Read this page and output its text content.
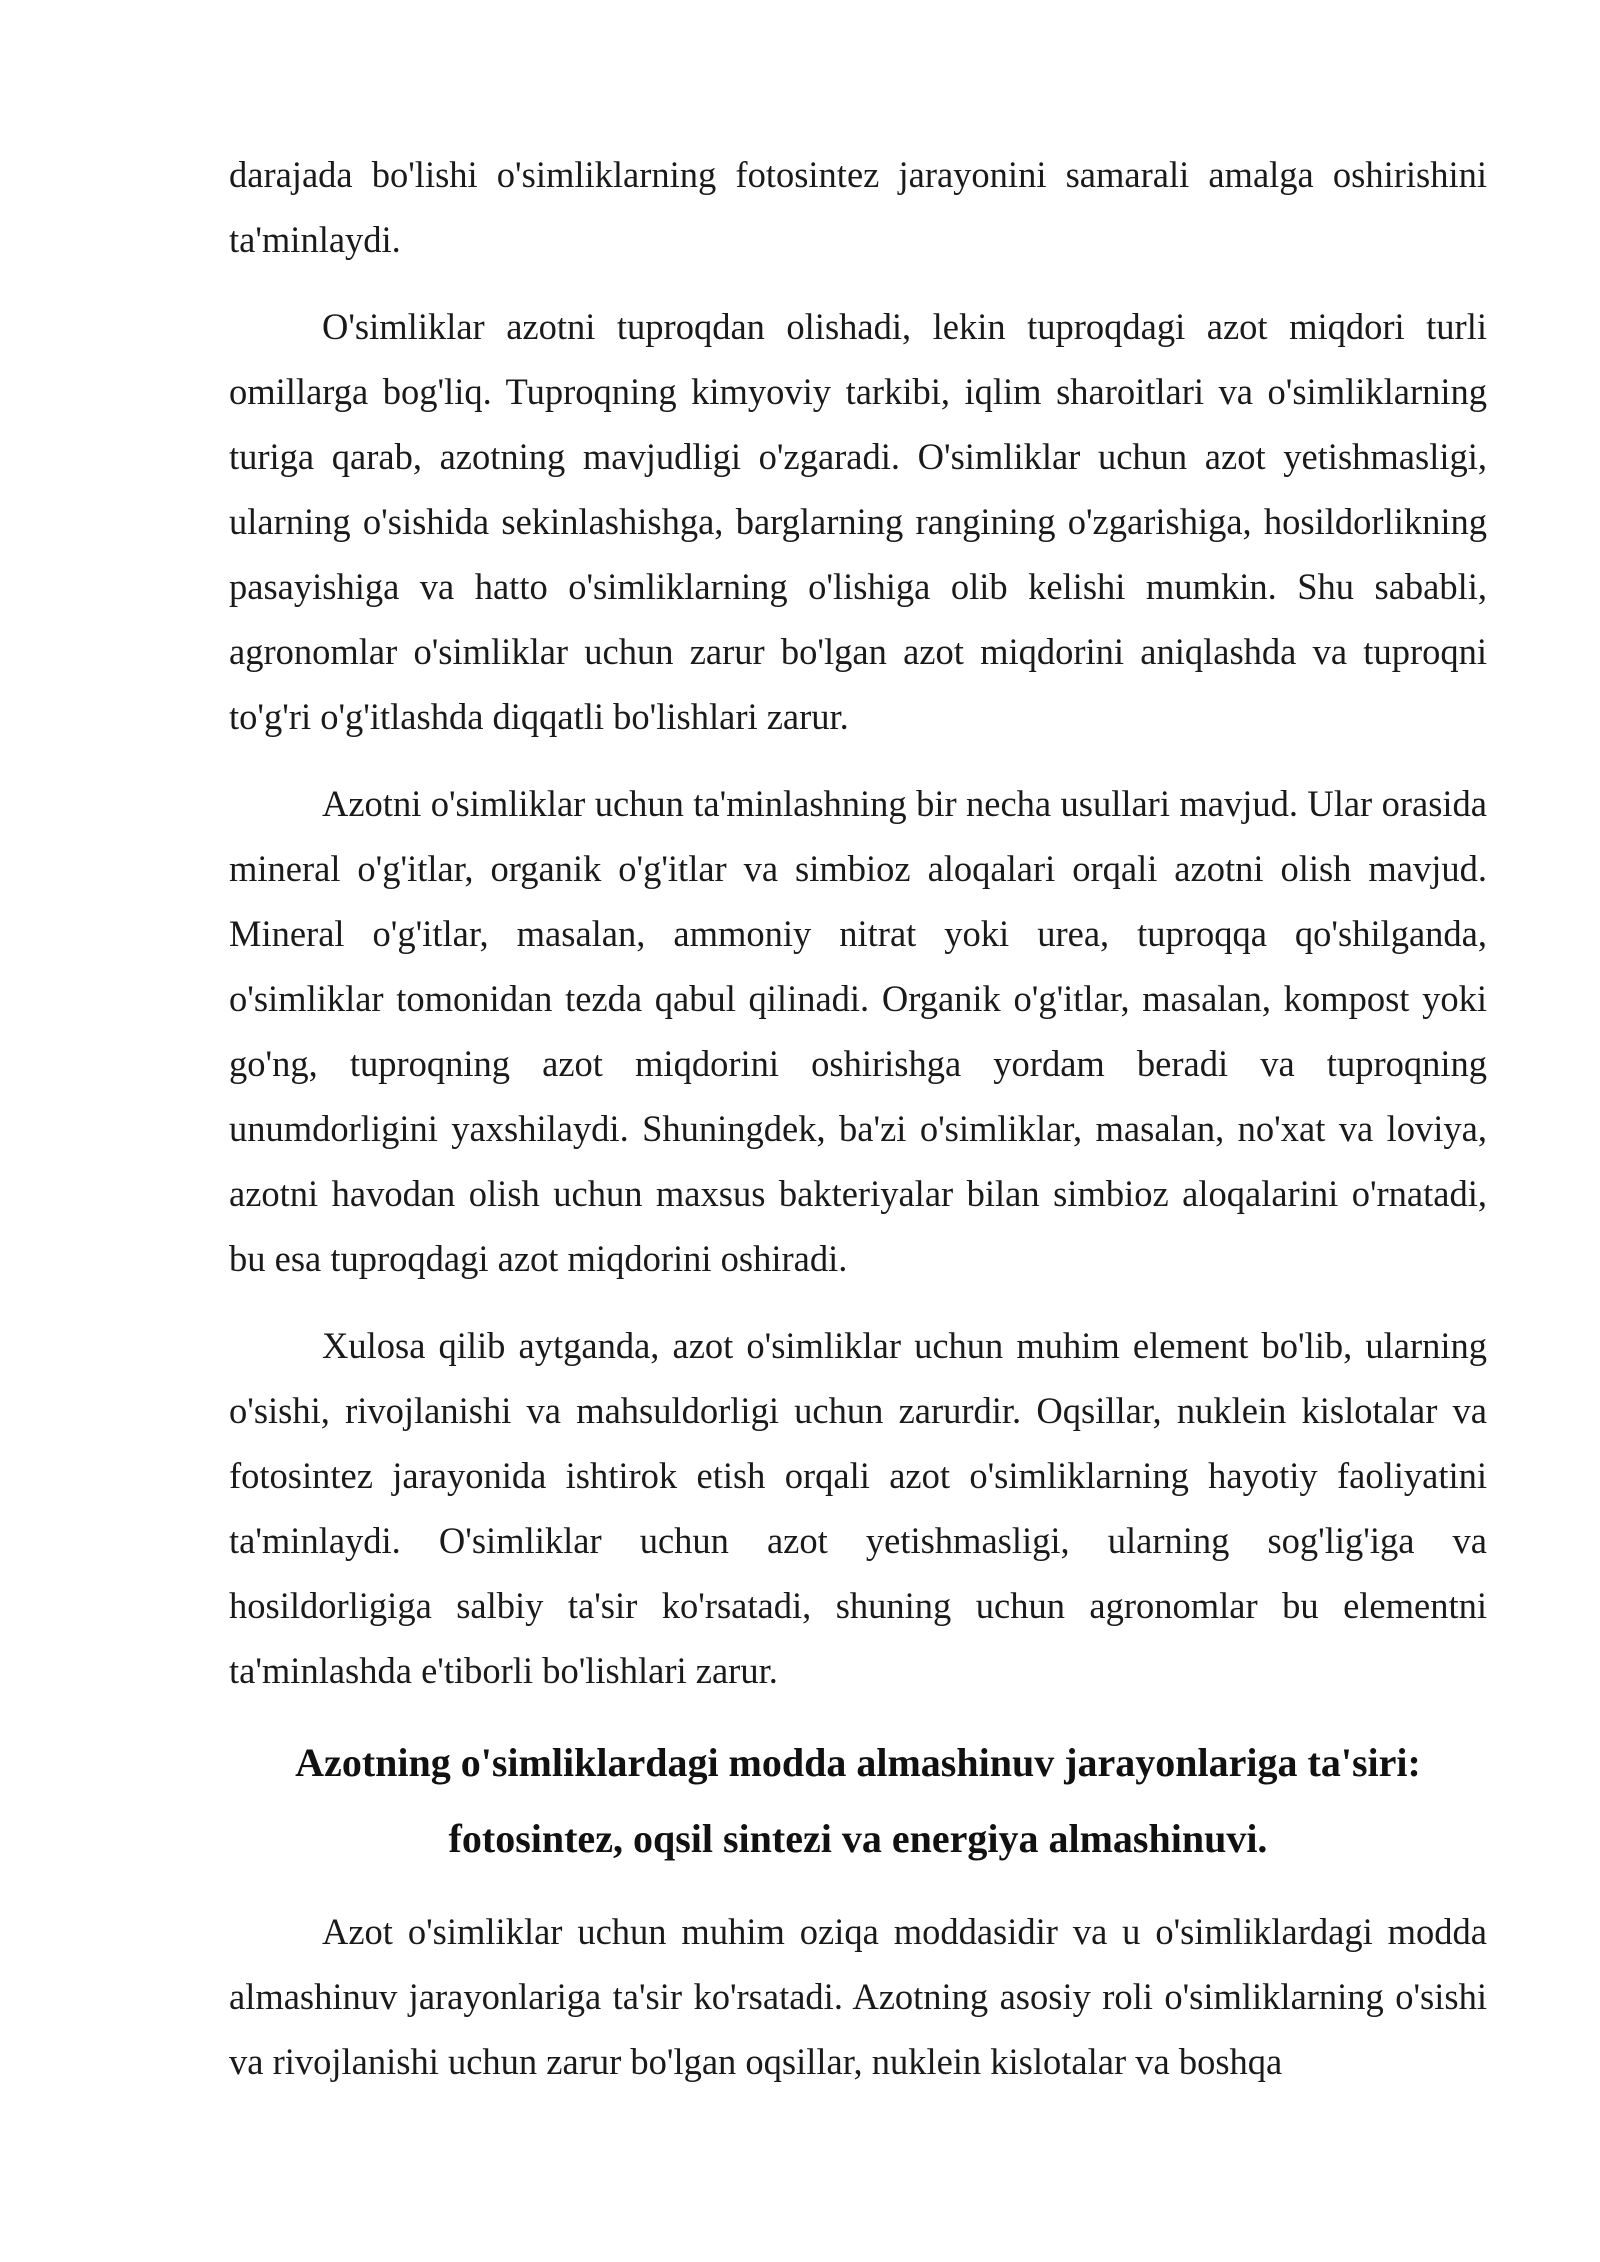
darajada bo'lishi o'simliklarning fotosintez jarayonini samarali amalga oshirishini ta'minlaydi.

O'simliklar azotni tuproqdan olishadi, lekin tuproqdagi azot miqdori turli omillarga bog'liq. Tuproqning kimyoviy tarkibi, iqlim sharoitlari va o'simliklarning turiga qarab, azotning mavjudligi o'zgaradi. O'simliklar uchun azot yetishmasligi, ularning o'sishida sekinlashishga, barglarning rangining o'zgarishiga, hosildorlikning pasayishiga va hatto o'simliklarning o'lishiga olib kelishi mumkin. Shu sababli, agronomlar o'simliklar uchun zarur bo'lgan azot miqdorini aniqlashda va tuproqni to'g'ri o'g'itlashda diqqatli bo'lishlari zarur.

Azotni o'simliklar uchun ta'minlashning bir necha usullari mavjud. Ular orasida mineral o'g'itlar, organik o'g'itlar va simbioz aloqalari orqali azotni olish mavjud. Mineral o'g'itlar, masalan, ammoniy nitrat yoki urea, tuproqqa qo'shilganda, o'simliklar tomonidan tezda qabul qilinadi. Organik o'g'itlar, masalan, kompost yoki go'ng, tuproqning azot miqdorini oshirishga yordam beradi va tuproqning unumdorligini yaxshilaydi. Shuningdek, ba'zi o'simliklar, masalan, no'xat va loviya, azotni havodan olish uchun maxsus bakteriyalar bilan simbioz aloqalarini o'rnatadi, bu esa tuproqdagi azot miqdorini oshiradi.

Xulosa qilib aytganda, azot o'simliklar uchun muhim element bo'lib, ularning o'sishi, rivojlanishi va mahsuldorligi uchun zarurdir. Oqsillar, nuklein kislotalar va fotosintez jarayonida ishtirok etish orqali azot o'simliklarning hayotiy faoliyatini ta'minlaydi. O'simliklar uchun azot yetishmasligi, ularning sog'lig'iga va hosildorligiga salbiy ta'sir ko'rsatadi, shuning uchun agronomlar bu elementni ta'minlashda e'tiborli bo'lishlari zarur.

Azotning o'simliklardagi modda almashinuv jarayonlariga ta'siri:
fotosintez, oqsil sintezi va energiya almashinuvi.

Azot o'simliklar uchun muhim oziqa moddasidir va u o'simliklardagi modda almashinuv jarayonlariga ta'sir ko'rsatadi. Azotning asosiy roli o'simliklarning o'sishi va rivojlanishi uchun zarur bo'lgan oqsillar, nuklein kislotalar va boshqa
